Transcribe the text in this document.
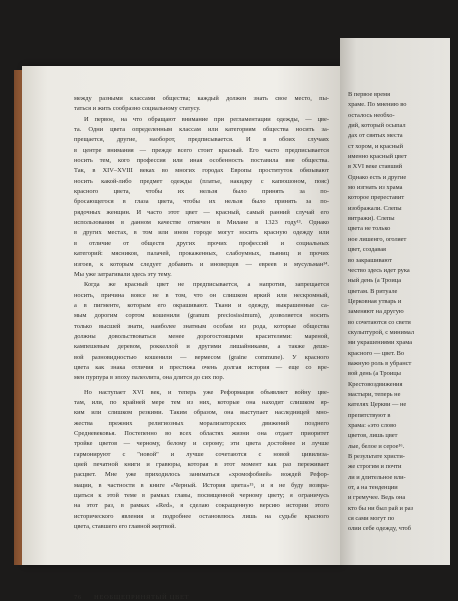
между разными классами общества; каждый должен знать свое место, пы-
таться и жить сообразно социальному статусу.
И первое, на что обращают внимание при регламентации одежды, — цве-
та. Одни цвета определенным классам или категориям общества носить за-
прещается, другие, наоборот, предписывается. И в обоих случаях
в центре внимания — прежде всего стоит красный. Его часто предписывается
носить тем, кого профессия или иная особенность поставила вне общества.
Так, в XIV–XVIII веках во многих городах Европы проституток обязывают
носить какой-либо предмет одежды (платье, накидку с капюшоном, пояс)
красного цвета, чтобы их нельзя было принять за по-
бросающегося в глаза цвета, чтобы их нельзя было принять за по-
рядочных женщин. И часто этот цвет — красный, самый ранний случай его
использования в данном качестве отмечен в Милане в 1323 году¹³. Однако
в других местах, в том или ином городе могут носить красную одежду или
в отличие от обществ других прочих профессий и социальных
категорий: мясников, палачей, прокаженных, слабоумных, пьяниц и прочих
изгоев, к которым следует добавить и иноверцев — евреев и мусульман¹⁴.
Мы уже затрагивали здесь эту тему.
Когда же красный цвет не предписывается, а напротив, запрещается
носить, причина вовсе не в том, что он слишком яркий или нескромный,
а в пигменте, которым его окрашивают. Ткани и одежду, выкрашенные са-
мым дорогим сортом кошенили (granum preciosissimum), дозволяется носить
только высшей знати, наиболее знатным особам из рода, которые общества
должны довольствоваться менее дорогостоящими красителями: мареной,
кампешевым деревом, роккеллой и другими лишайниками, а также деше-
вой разновидностью кошенили — вермесом (graine commune). У красного
цвета как знака отличия и престижа очень долгая история — еще со вре-
мен пурпура в эпоху палеолита, она длится до сих пор.
Но наступает XVI век, и теперь уже Реформация объявляет войну цве-
там, или, по крайней мере тем из них, которые она находит слишком яр-
ким или слишком резкими. Таким образом, она выступает наследницей мно-
жества прежних религиозных морализаторских движений позднего
Средневековья. Постепенно во всех областях жизни она отдает приоритет
тройке цветов — черному, белому и серому; эти цвета достойнее и лучше
гармонируют с "новой" и лучше сочетаются с новой цивилиза-
цией печатной книги и гравюры, которая в этот момент как раз переживает
расцвет. Мне уже приходилось заниматься «хромофобией» вождей Рефор-
мации, в частности в книге «Черный. История цвета»¹⁵, и я не буду возвра-
щаться к этой теме в рамках главы, посвященной черному цвету; я ограничусь
на этот раз, в рамках «Red», я сделаю сокращенную версию истории этого
исторического явления и подробнее остановлюсь лишь на судьбе красного
цвета, ставшего его главной жертвой.
76 НЕОБЩЕПРИНЯТЫЙ ЦВЕТ
В первое время
храме. По мнению во
осталось необхо-
дий, который осыпал
дах от святых места
ст хором, и красный
именно красный цвет
в XVI веке ставший
Однако есть и другие
мо изгнать из храма
которое пререставит
изображали. Слепы
витражи). Слепы
цвета не только
ное лишенго, оголяет
цвет, создавая
во закрашивают
чество здесь идет рука
ный день (а Троица
цветам. В ритуале
Церковная утварь и
заменяют на другую
во сочетаются со свети
скульптурой, с минимал
ми украшениями храма
красного — цвет. Во
важную роль в убранст
вой день (а Троицы
Крестовоздвижения
мастыри, теперь не
кателях Церкви — не
препятствуют в
храма: «это слово
цветов, лишь цвет
лые, белое и серое¹⁶.
В результате христи-
же строгим и почти
ли и длительное вли-
от, а на тенденции
и гремучее. Ведь она
кто бы ни был рай и раз
ся сами могут по
олии себе одежду, чтоб
